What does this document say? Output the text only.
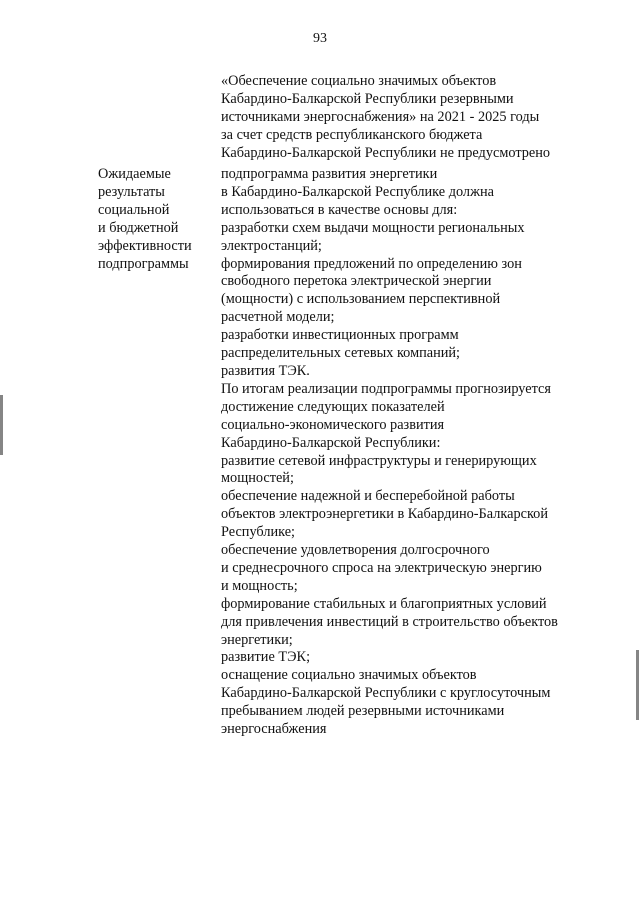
93
«Обеспечение социально значимых объектов
Кабардино-Балкарской Республики резервными
источниками энергоснабжения» на 2021 - 2025 годы
за счет средств республиканского бюджета
Кабардино-Балкарской Республики не предусмотрено
Ожидаемые
результаты
социальной
и бюджетной
эффективности
подпрограммы
подпрограмма развития энергетики
в Кабардино-Балкарской Республике должна
использоваться в качестве основы для:
разработки схем выдачи мощности региональных
электростанций;
формирования предложений по определению зон
свободного перетока электрической энергии
(мощности) с использованием перспективной
расчетной модели;
разработки инвестиционных программ
распределительных сетевых компаний;
развития ТЭК.
По итогам реализации подпрограммы прогнозируется
достижение следующих показателей
социально-экономического развития
Кабардино-Балкарской Республики:
развитие сетевой инфраструктуры и генерирующих
мощностей;
обеспечение надежной и бесперебойной работы
объектов электроэнергетики в Кабардино-Балкарской
Республике;
обеспечение удовлетворения долгосрочного
и среднесрочного спроса на электрическую энергию
и мощность;
формирование стабильных и благоприятных условий
для привлечения инвестиций в строительство объектов
энергетики;
развитие ТЭК;
оснащение социально значимых объектов
Кабардино-Балкарской Республики с круглосуточным
пребыванием людей резервными источниками
энергоснабжения
